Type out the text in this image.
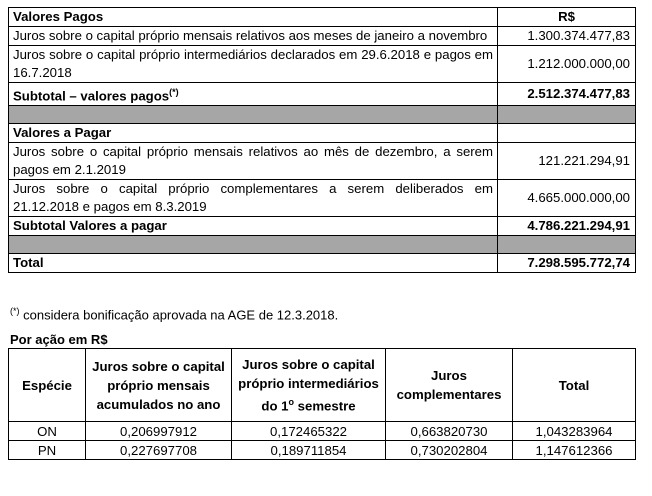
Valores Pagos	R$
Juros sobre o capital próprio mensais relativos aos meses de janeiro a novembro	1.300.374.477,83
Juros sobre o capital próprio intermediários declarados em 29.6.2018 e pagos em 16.7.2018	1.212.000.000,00
Subtotal – valores pagos(*)	2.512.374.477,83

Valores a Pagar	
Juros sobre o capital próprio mensais relativos ao mês de dezembro, a serem pagos em 2.1.2019	121.221.294,91
Juros sobre o capital próprio complementares a serem deliberados em 21.12.2018 e pagos em 8.3.2019	4.665.000.000,00
Subtotal Valores a pagar	4.786.221.294,91

Total	7.298.595.772,74
(*) considera bonificação aprovada na AGE de 12.3.2018.
Por ação em R$
Espécie	Juros sobre o capital próprio mensais acumulados no ano	Juros sobre o capital próprio intermediários do 1$^o$ semestre	Juros complementares	Total
ON	0,206997912	0,172465322	0,663820730	1,043283964
PN	0,227697708	0,189711854	0,730202804	1,147612366
